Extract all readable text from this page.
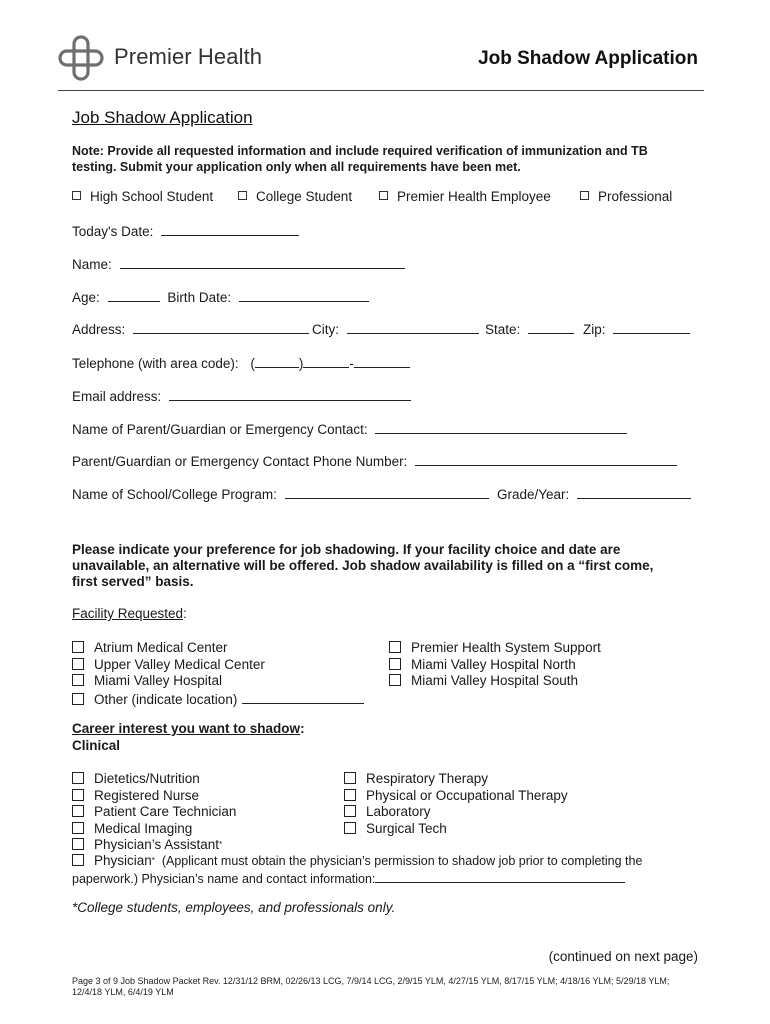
Premier Health	Job Shadow Application
Job Shadow Application
Note: Provide all requested information and include required verification of immunization and TB testing. Submit your application only when all requirements have been met.
High School Student	College Student	Premier Health Employee	Professional
Today's Date:
Name:
Age:	Birth Date:
Address:	City:	State:	Zip:
Telephone (with area code): (	)	-
Email address:
Name of Parent/Guardian or Emergency Contact:
Parent/Guardian or Emergency Contact Phone Number:
Name of School/College Program:	Grade/Year:
Please indicate your preference for job shadowing. If your facility choice and date are unavailable, an alternative will be offered. Job shadow availability is filled on a “first come, first served” basis.
Facility Requested:
Atrium Medical Center
Upper Valley Medical Center
Miami Valley Hospital
Other (indicate location)
Premier Health System Support
Miami Valley Hospital North
Miami Valley Hospital South
Career interest you want to shadow:
Clinical
Dietetics/Nutrition
Registered Nurse
Patient Care Technician
Medical Imaging
Physician’s Assistant*
Respiratory Therapy
Physical or Occupational Therapy
Laboratory
Surgical Tech
Physician* (Applicant must obtain the physician’s permission to shadow job prior to completing the
paperwork.) Physician’s name and contact information:
*College students, employees, and professionals only.
(continued on next page)
Page 3 of 9 Job Shadow Packet Rev. 12/31/12 BRM, 02/26/13 LCG, 7/9/14 LCG, 2/9/15 YLM, 4/27/15 YLM, 8/17/15 YLM; 4/18/16 YLM; 5/29/18 YLM;
12/4/18 YLM, 6/4/19 YLM
